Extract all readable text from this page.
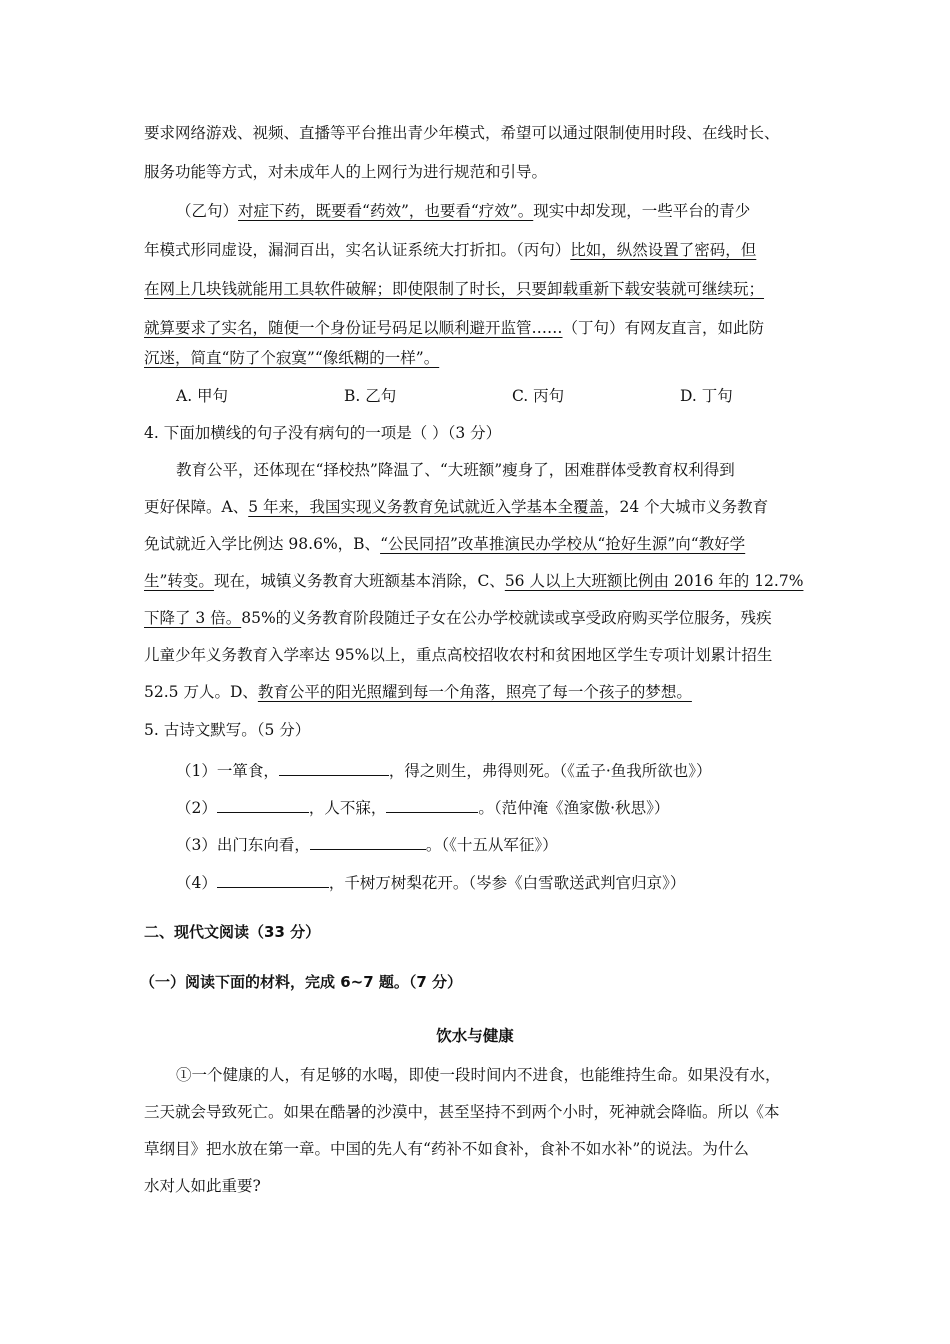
要求网络游戏、视频、直播等平台推出青少年模式，希望可以通过限制使用时段、在线时长、
服务功能等方式，对未成年人的上网行为进行规范和引导。
（乙句）对症下药，既要看“药效”，也要看“疗效”。现实中却发现，一些平台的青少
年模式形同虚设，漏洞百出，实名认证系统大打折扣。（丙句）比如，纵然设置了密码，但
在网上几块钱就能用工具软件破解；即使限制了时长，只要卸载重新下载安装就可继续玩；
就算要求了实名，随便一个身份证号码足以顺利避开监管……（丁句）有网友直言，如此防
沉迷，简直“防了个寂寞”“像纸糊的一样”。
A. 甲句	B. 乙句	C. 丙句	D. 丁句
4. 下面加横线的句子没有病句的一项是（ ）（3 分）
教育公平，还体现在“择校热”降温了、“大班额”瘦身了，困难群体受教育权利得到
更好保障。A、5 年来，我国实现义务教育免试就近入学基本全覆盖，24 个大城市义务教育
免试就近入学比例达 98.6%，B、“公民同招”改革推演民办学校从“抢好生源”向“教好学
生”转变。现在，城镇义务教育大班额基本消除，C、56 人以上大班额比例由 2016 年的 12.7%
下降了 3 倍。85%的义务教育阶段随迁子女在公办学校就读或享受政府购买学位服务，残疾
儿童少年义务教育入学率达 95%以上，重点高校招收农村和贫困地区学生专项计划累计招生
52.5 万人。D、教育公平的阳光照耀到每一个角落，照亮了每一个孩子的梦想。
5. 古诗文默写。（5 分）
（1）一箪食，	，得之则生，弗得则死。（《孟子·鱼我所欲也》）
（2）	，人不寐，	。（范仲淹《渔家傲·秋思》）
（3）出门东向看，	。（《十五从军征》）
（4）	，千树万树梨花开。（岑参《白雪歌送武判官归京》）
二、现代文阅读（33 分）
（一）阅读下面的材料，完成 6~7 题。（7 分）
饮水与健康
①一个健康的人，有足够的水喝，即使一段时间内不进食，也能维持生命。如果没有水，
三天就会导致死亡。如果在酷暑的沙漠中，甚至坚持不到两个小时，死神就会降临。所以《本
草纲目》把水放在第一章。中国的先人有“药补不如食补，食补不如水补”的说法。为什么
水对人如此重要?
